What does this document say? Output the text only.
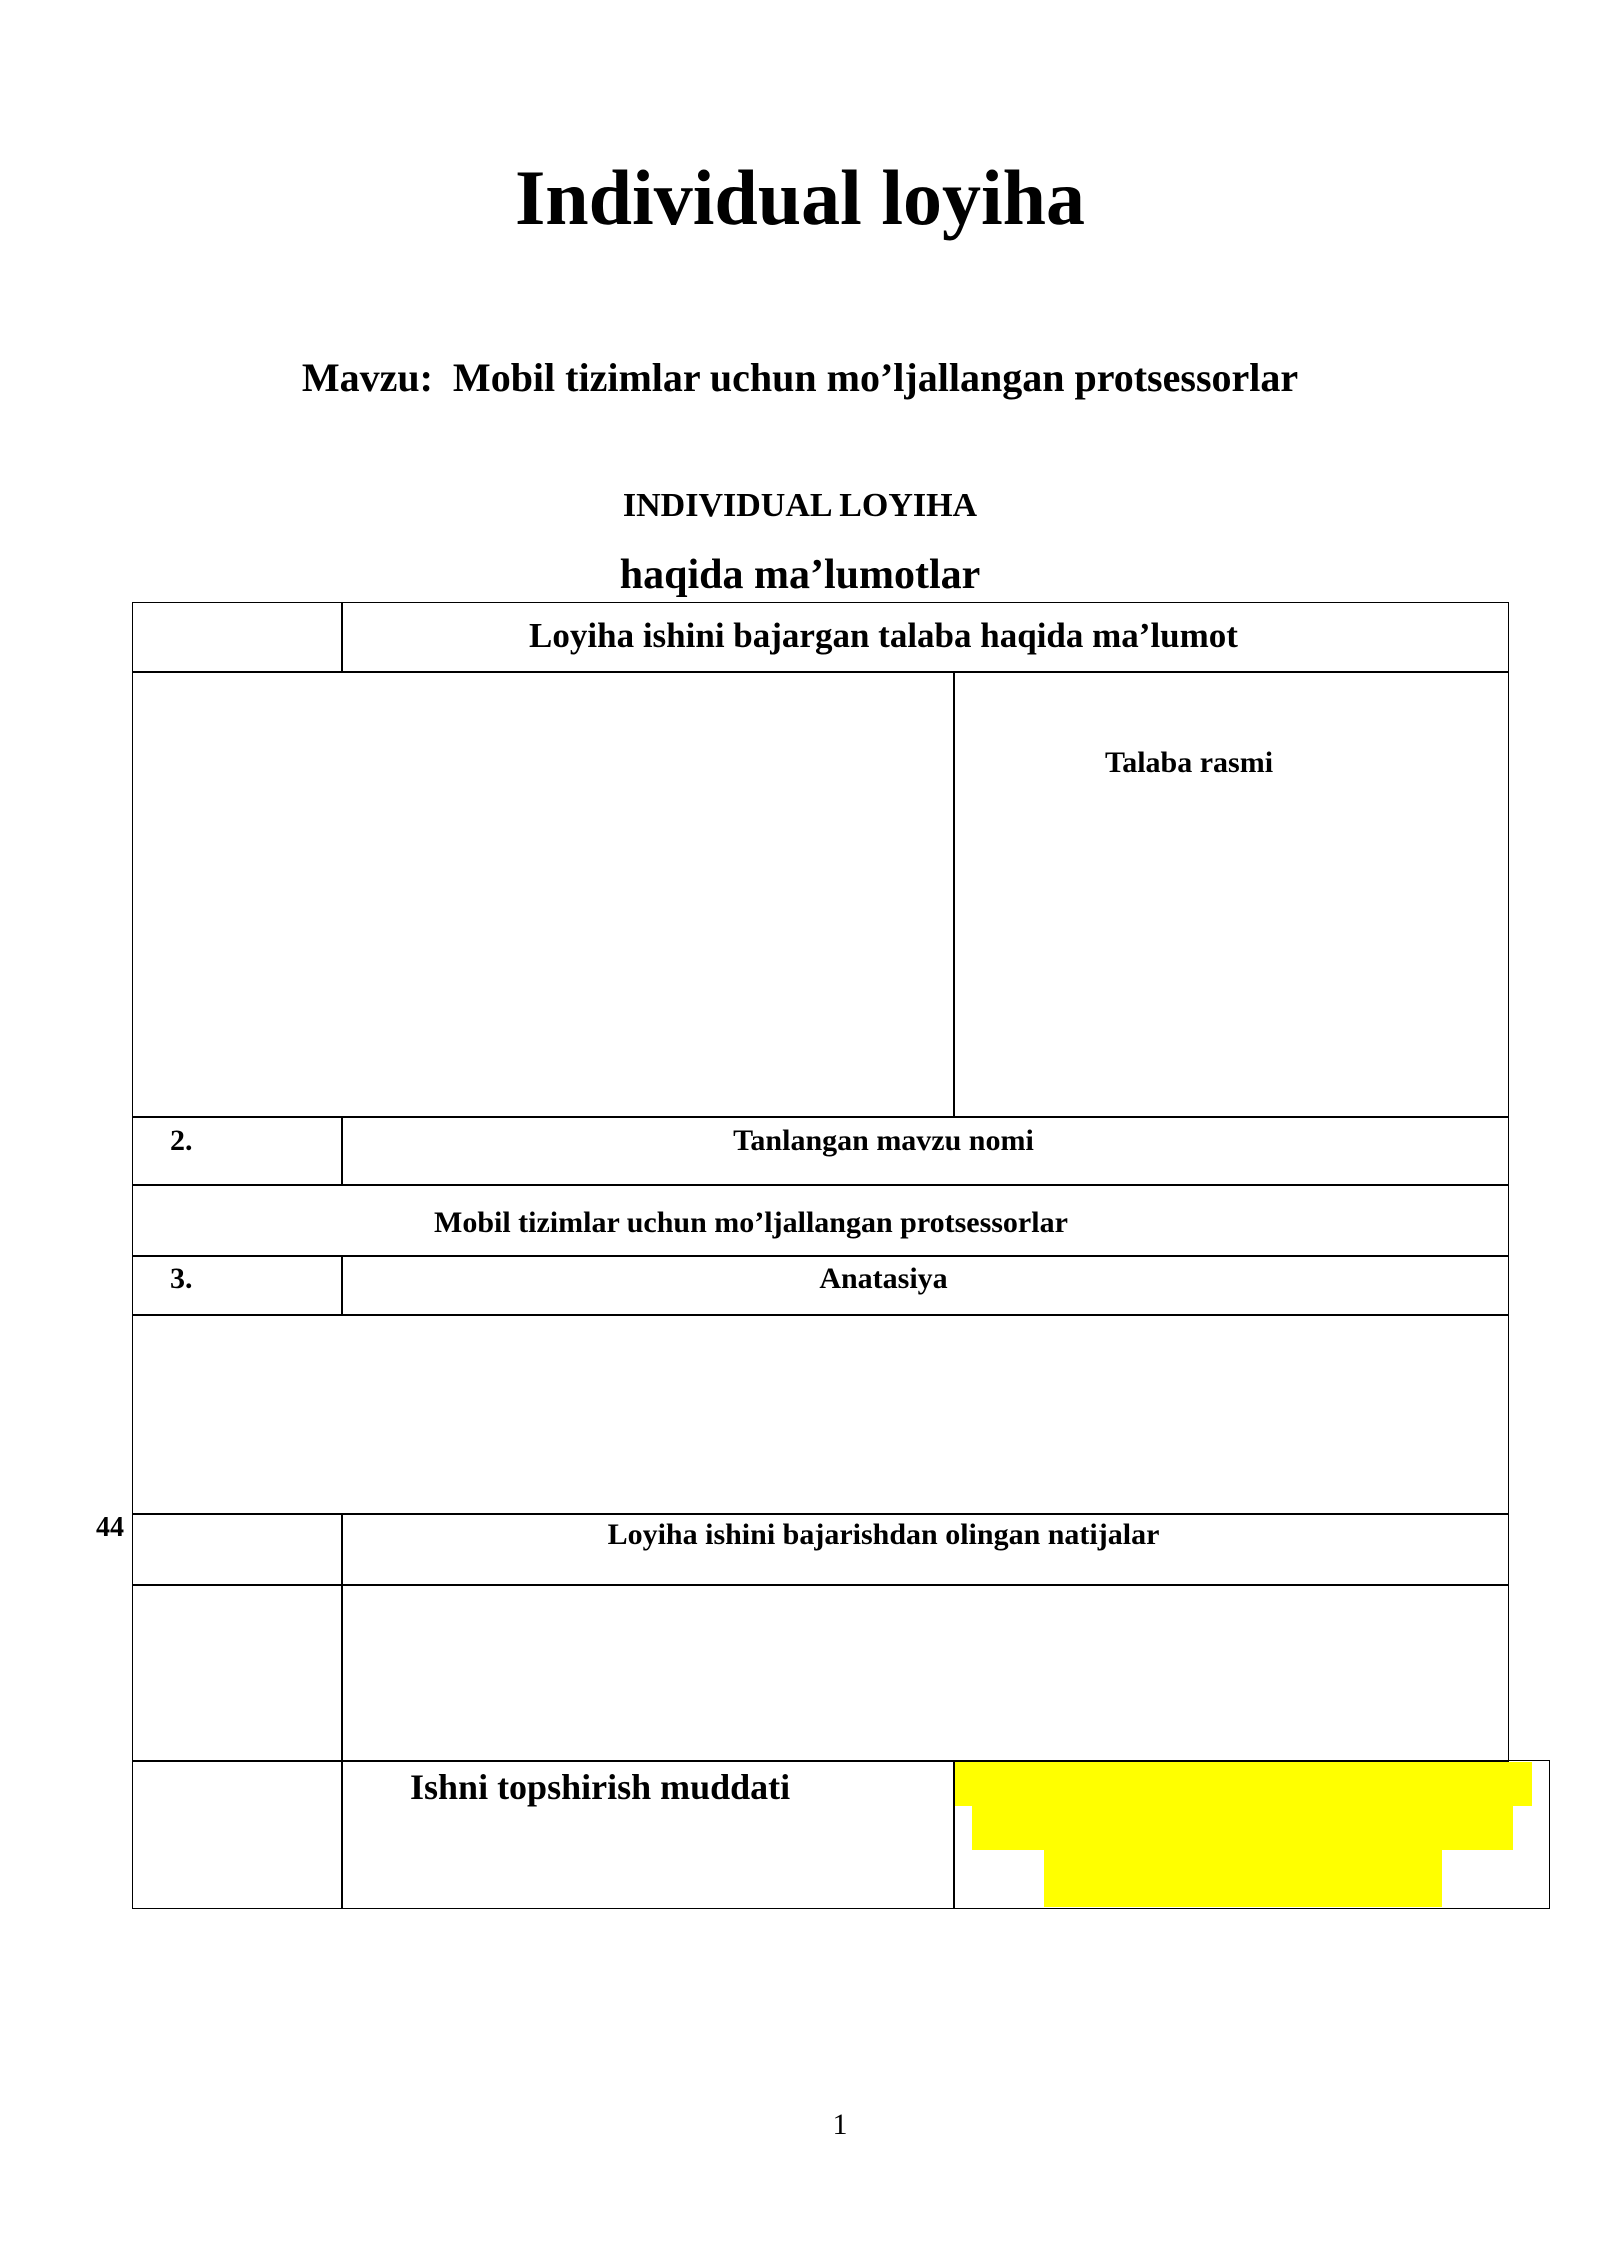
Individual loyiha
Mavzu:  Mobil tizimlar uchun mo’ljallangan protsessorlar
INDIVIDUAL LOYIHA
haqida ma’lumotlar
Loyiha ishini bajargan talaba haqida ma’lumot
Talaba rasmi
2.	Tanlangan mavzu nomi
Mobil tizimlar uchun mo’ljallangan protsessorlar
3.	Anatasiya
Loyiha ishini bajarishdan olingan natijalar
Ishni topshirish muddati
44
1
